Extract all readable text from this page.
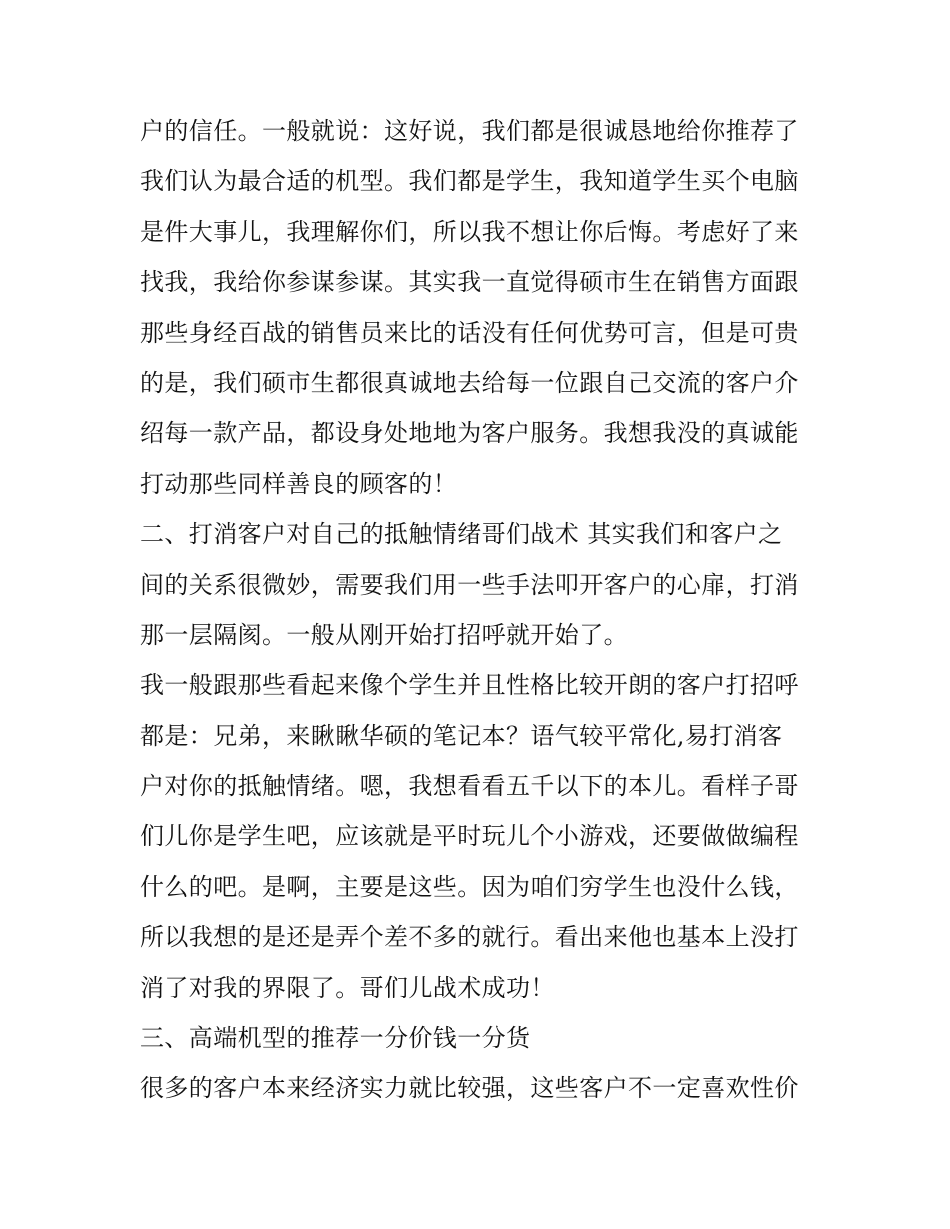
户的信任。一般就说：这好说，我们都是很诚恳地给你推荐了
我们认为最合适的机型。我们都是学生，我知道学生买个电脑
是件大事儿，我理解你们，所以我不想让你后悔。考虑好了来
找我，我给你参谋参谋。其实我一直觉得硕市生在销售方面跟
那些身经百战的销售员来比的话没有任何优势可言，但是可贵
的是，我们硕市生都很真诚地去给每一位跟自己交流的客户介
绍每一款产品，都设身处地地为客户服务。我想我没的真诚能
打动那些同样善良的顾客的！
二、打消客户对自己的抵触情绪哥们战术 其实我们和客户之
间的关系很微妙，需要我们用一些手法叩开客户的心扉，打消
那一层隔阂。一般从刚开始打招呼就开始了。
我一般跟那些看起来像个学生并且性格比较开朗的客户打招呼
都是：兄弟，来瞅瞅华硕的笔记本？语气较平常化,易打消客
户对你的抵触情绪。嗯，我想看看五千以下的本儿。看样子哥
们儿你是学生吧，应该就是平时玩儿个小游戏，还要做做编程
什么的吧。是啊，主要是这些。因为咱们穷学生也没什么钱，
所以我想的是还是弄个差不多的就行。看出来他也基本上没打
消了对我的界限了。哥们儿战术成功！
三、高端机型的推荐一分价钱一分货
很多的客户本来经济实力就比较强，这些客户不一定喜欢性价
